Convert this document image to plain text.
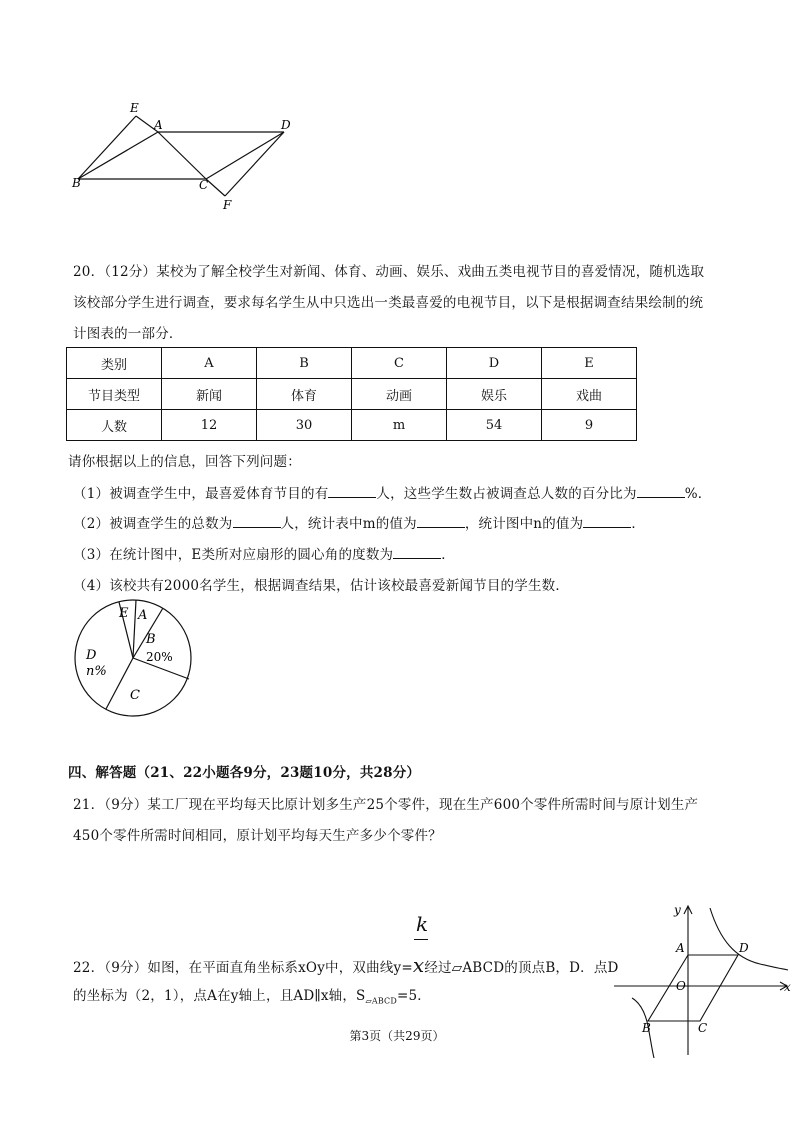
E
A	D
B	C
F
20．（12分）某校为了解全校学生对新闻、体育、动画、娱乐、戏曲五类电视节目的喜爱情况，随机选取
该校部分学生进行调查，要求每名学生从中只选出一类最喜爱的电视节目，以下是根据调查结果绘制的统
计图表的一部分．
类别	A	B	C	D	E
节目类型	新闻	体育	动画	娱乐	戏曲
人数	12	30	m	54	9
请你根据以上的信息，回答下列问题：
（1）被调查学生中，最喜爱体育节目的有	人，这些学生数占被调查总人数的百分比为	%．
（2）被调查学生的总数为	人，统计表中m的值为	，统计图中n的值为	．
（3）在统计图中，E类所对应扇形的圆心角的度数为	．
（4）该校共有2000名学生，根据调查结果，估计该校最喜爱新闻节目的学生数．
E A
B
D
n%
C
20%
四、解答题（21、22小题各9分，23题10分，共28分）
21．（9分）某工厂现在平均每天比原计划多生产25个零件，现在生产600个零件所需时间与原计划生产
450个零件所需时间相同，原计划平均每天生产多少个零件？
k
22．（9分）如图，在平面直角坐标系xOy中，双曲线y=x经过▱ABCD的顶点B，D．点D
的坐标为（2，1），点A在y轴上，且AD∥x轴，$S_{▱ABCD}=5$．
y
A	D
O	x
B	C
第3页（共29页）
